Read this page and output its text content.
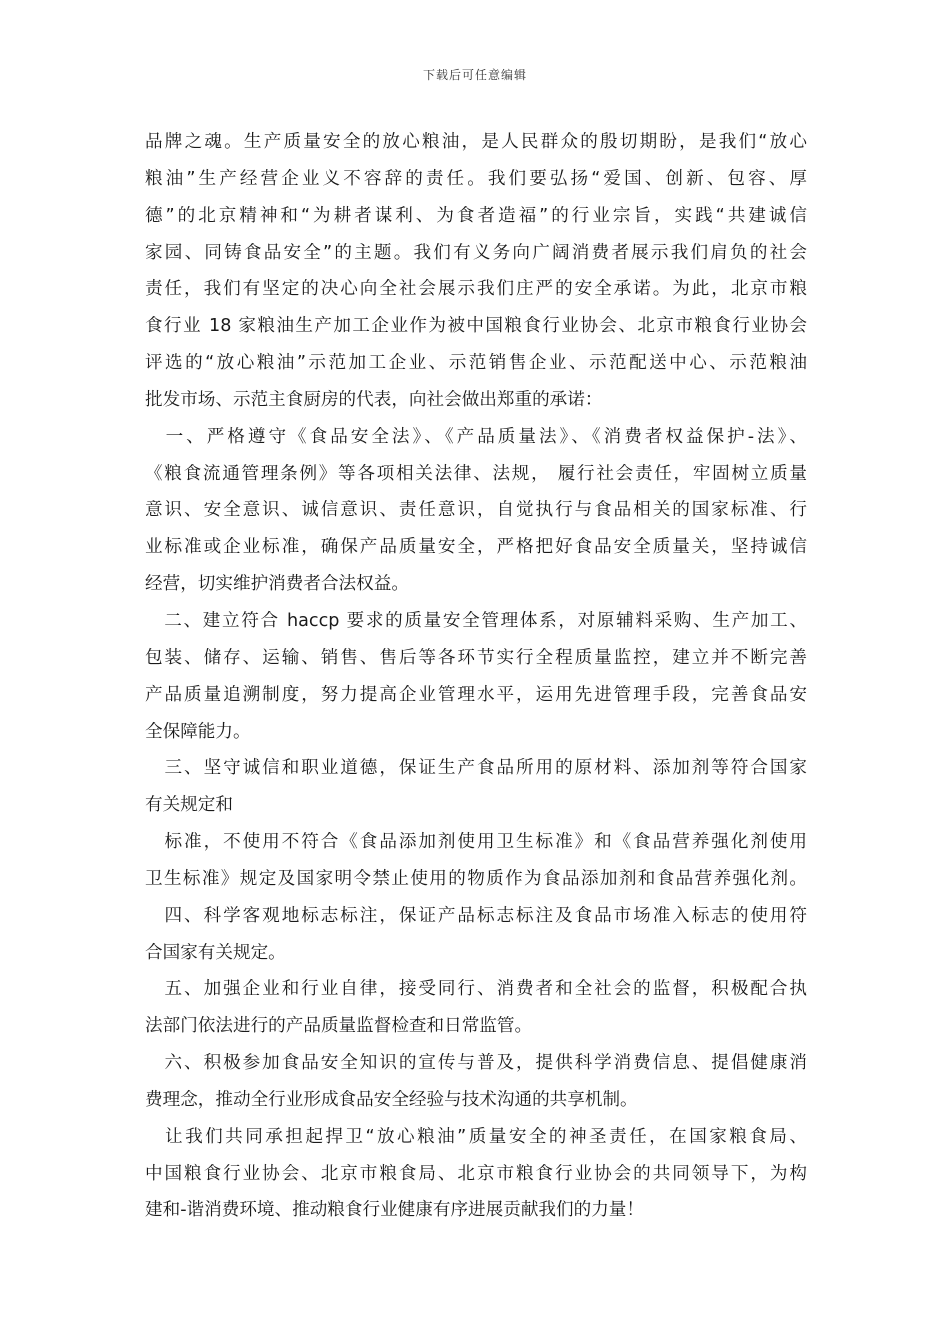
下载后可任意编辑
品牌之魂。生产质量安全的放心粮油，是人民群众的殷切期盼，是我们“放心
粮油”生产经营企业义不容辞的责任。我们要弘扬“爱国、创新、包容、厚
德”的北京精神和“为耕者谋利、为食者造福”的行业宗旨，实践“共建诚信
家园、同铸食品安全”的主题。我们有义务向广阔消费者展示我们肩负的社会
责任，我们有坚定的决心向全社会展示我们庄严的安全承诺。为此，北京市粮
食行业 18 家粮油生产加工企业作为被中国粮食行业协会、北京市粮食行业协会
评选的“放心粮油”示范加工企业、示范销售企业、示范配送中心、示范粮油
批发市场、示范主食厨房的代表，向社会做出郑重的承诺：
　一、严格遵守《食品安全法》、《产品质量法》、《消费者权益保护-法》、
《粮食流通管理条例》等各项相关法律、法规， 履行社会责任，牢固树立质量
意识、安全意识、诚信意识、责任意识，自觉执行与食品相关的国家标准、行
业标准或企业标准，确保产品质量安全，严格把好食品安全质量关，坚持诚信
经营，切实维护消费者合法权益。
　二、建立符合 haccp 要求的质量安全管理体系，对原辅料采购、生产加工、
包装、储存、运输、销售、售后等各环节实行全程质量监控，建立并不断完善
产品质量追溯制度，努力提高企业管理水平，运用先进管理手段，完善食品安
全保障能力。
　三、坚守诚信和职业道德，保证生产食品所用的原材料、添加剂等符合国家
有关规定和
　标准，不使用不符合《食品添加剂使用卫生标准》和《食品营养强化剂使用
卫生标准》规定及国家明令禁止使用的物质作为食品添加剂和食品营养强化剂。
　四、科学客观地标志标注，保证产品标志标注及食品市场准入标志的使用符
合国家有关规定。
　五、加强企业和行业自律，接受同行、消费者和全社会的监督，积极配合执
法部门依法进行的产品质量监督检查和日常监管。
　六、积极参加食品安全知识的宣传与普及，提供科学消费信息、提倡健康消
费理念，推动全行业形成食品安全经验与技术沟通的共享机制。
　让我们共同承担起捍卫“放心粮油”质量安全的神圣责任，在国家粮食局、
中国粮食行业协会、北京市粮食局、北京市粮食行业协会的共同领导下，为构
建和-谐消费环境、推动粮食行业健康有序进展贡献我们的力量！
